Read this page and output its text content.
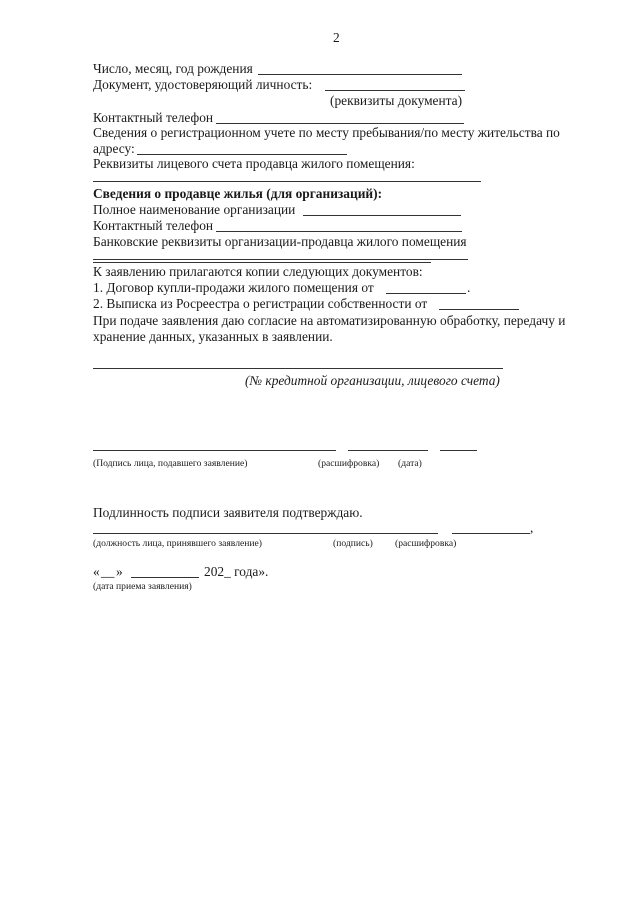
2
Число, месяц, год рождения
Документ, удостоверяющий личность:
(реквизиты документа)
Контактный телефон
Сведения о регистрационном учете по месту пребывания/по месту жительства по
адресу:
Реквизиты лицевого счета продавца жилого помещения:
Сведения о продавце жилья (для организаций):
Полное наименование организации
Контактный телефон
Банковские реквизиты организации-продавца жилого помещения
К заявлению прилагаются копии следующих документов:
1. Договор купли-продажи жилого помещения от	.
2. Выписка из Росреестра о регистрации собственности от
При подаче заявления даю согласие на автоматизированную обработку, передачу и
хранение данных, указанных в заявлении.
(№ кредитной организации, лицевого счета)
(Подпись лица, подавшего заявление)	(расшифровка) (дата)
Подлинность подписи заявителя подтверждаю.
,
(должность лица, принявшего заявление)	(подпись) (расшифровка)
« __ »	202_ года».
(дата приема заявления)
